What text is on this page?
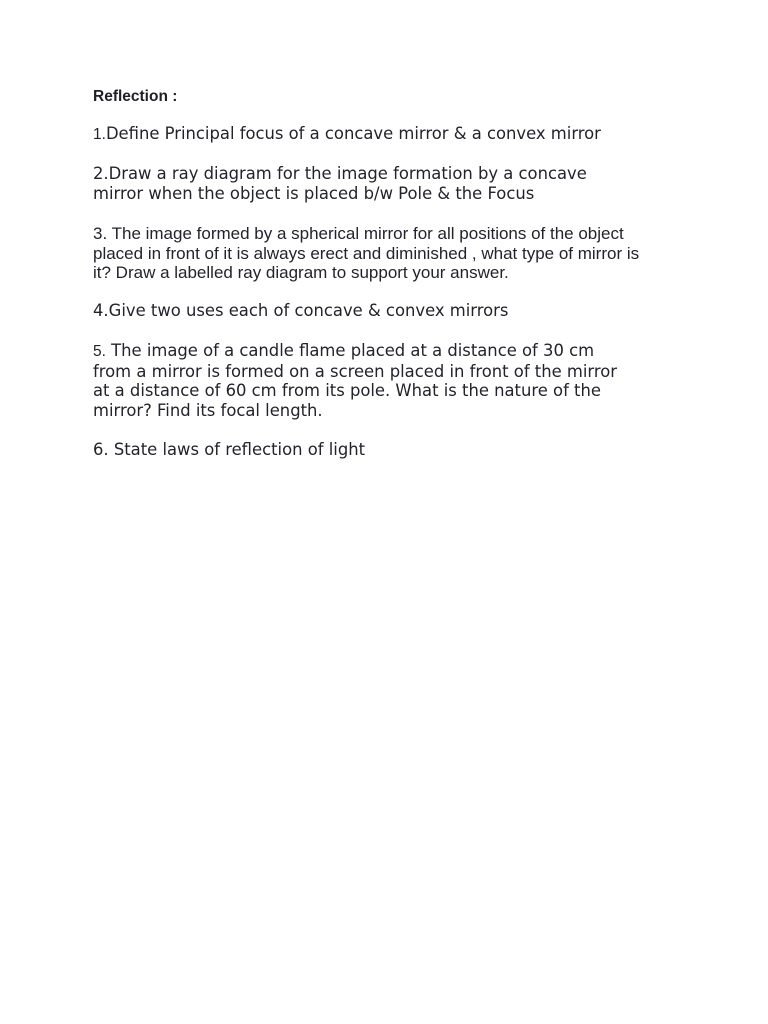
Reflection :

1.Define Principal focus of a concave mirror & a convex mirror

2.Draw a ray diagram for the image formation by a concave
mirror when the object is placed b/w Pole & the Focus

3. The image formed by a spherical mirror for all positions of the object
placed in front of it is always erect and diminished , what type of mirror is
it? Draw a labelled ray diagram to support your answer.

4.Give two uses each of concave & convex mirrors

5. The image of a candle flame placed at a distance of 30 cm
from a mirror is formed on a screen placed in front of the mirror
at a distance of 60 cm from its pole. What is the nature of the
mirror? Find its focal length.

6. State laws of reflection of light
